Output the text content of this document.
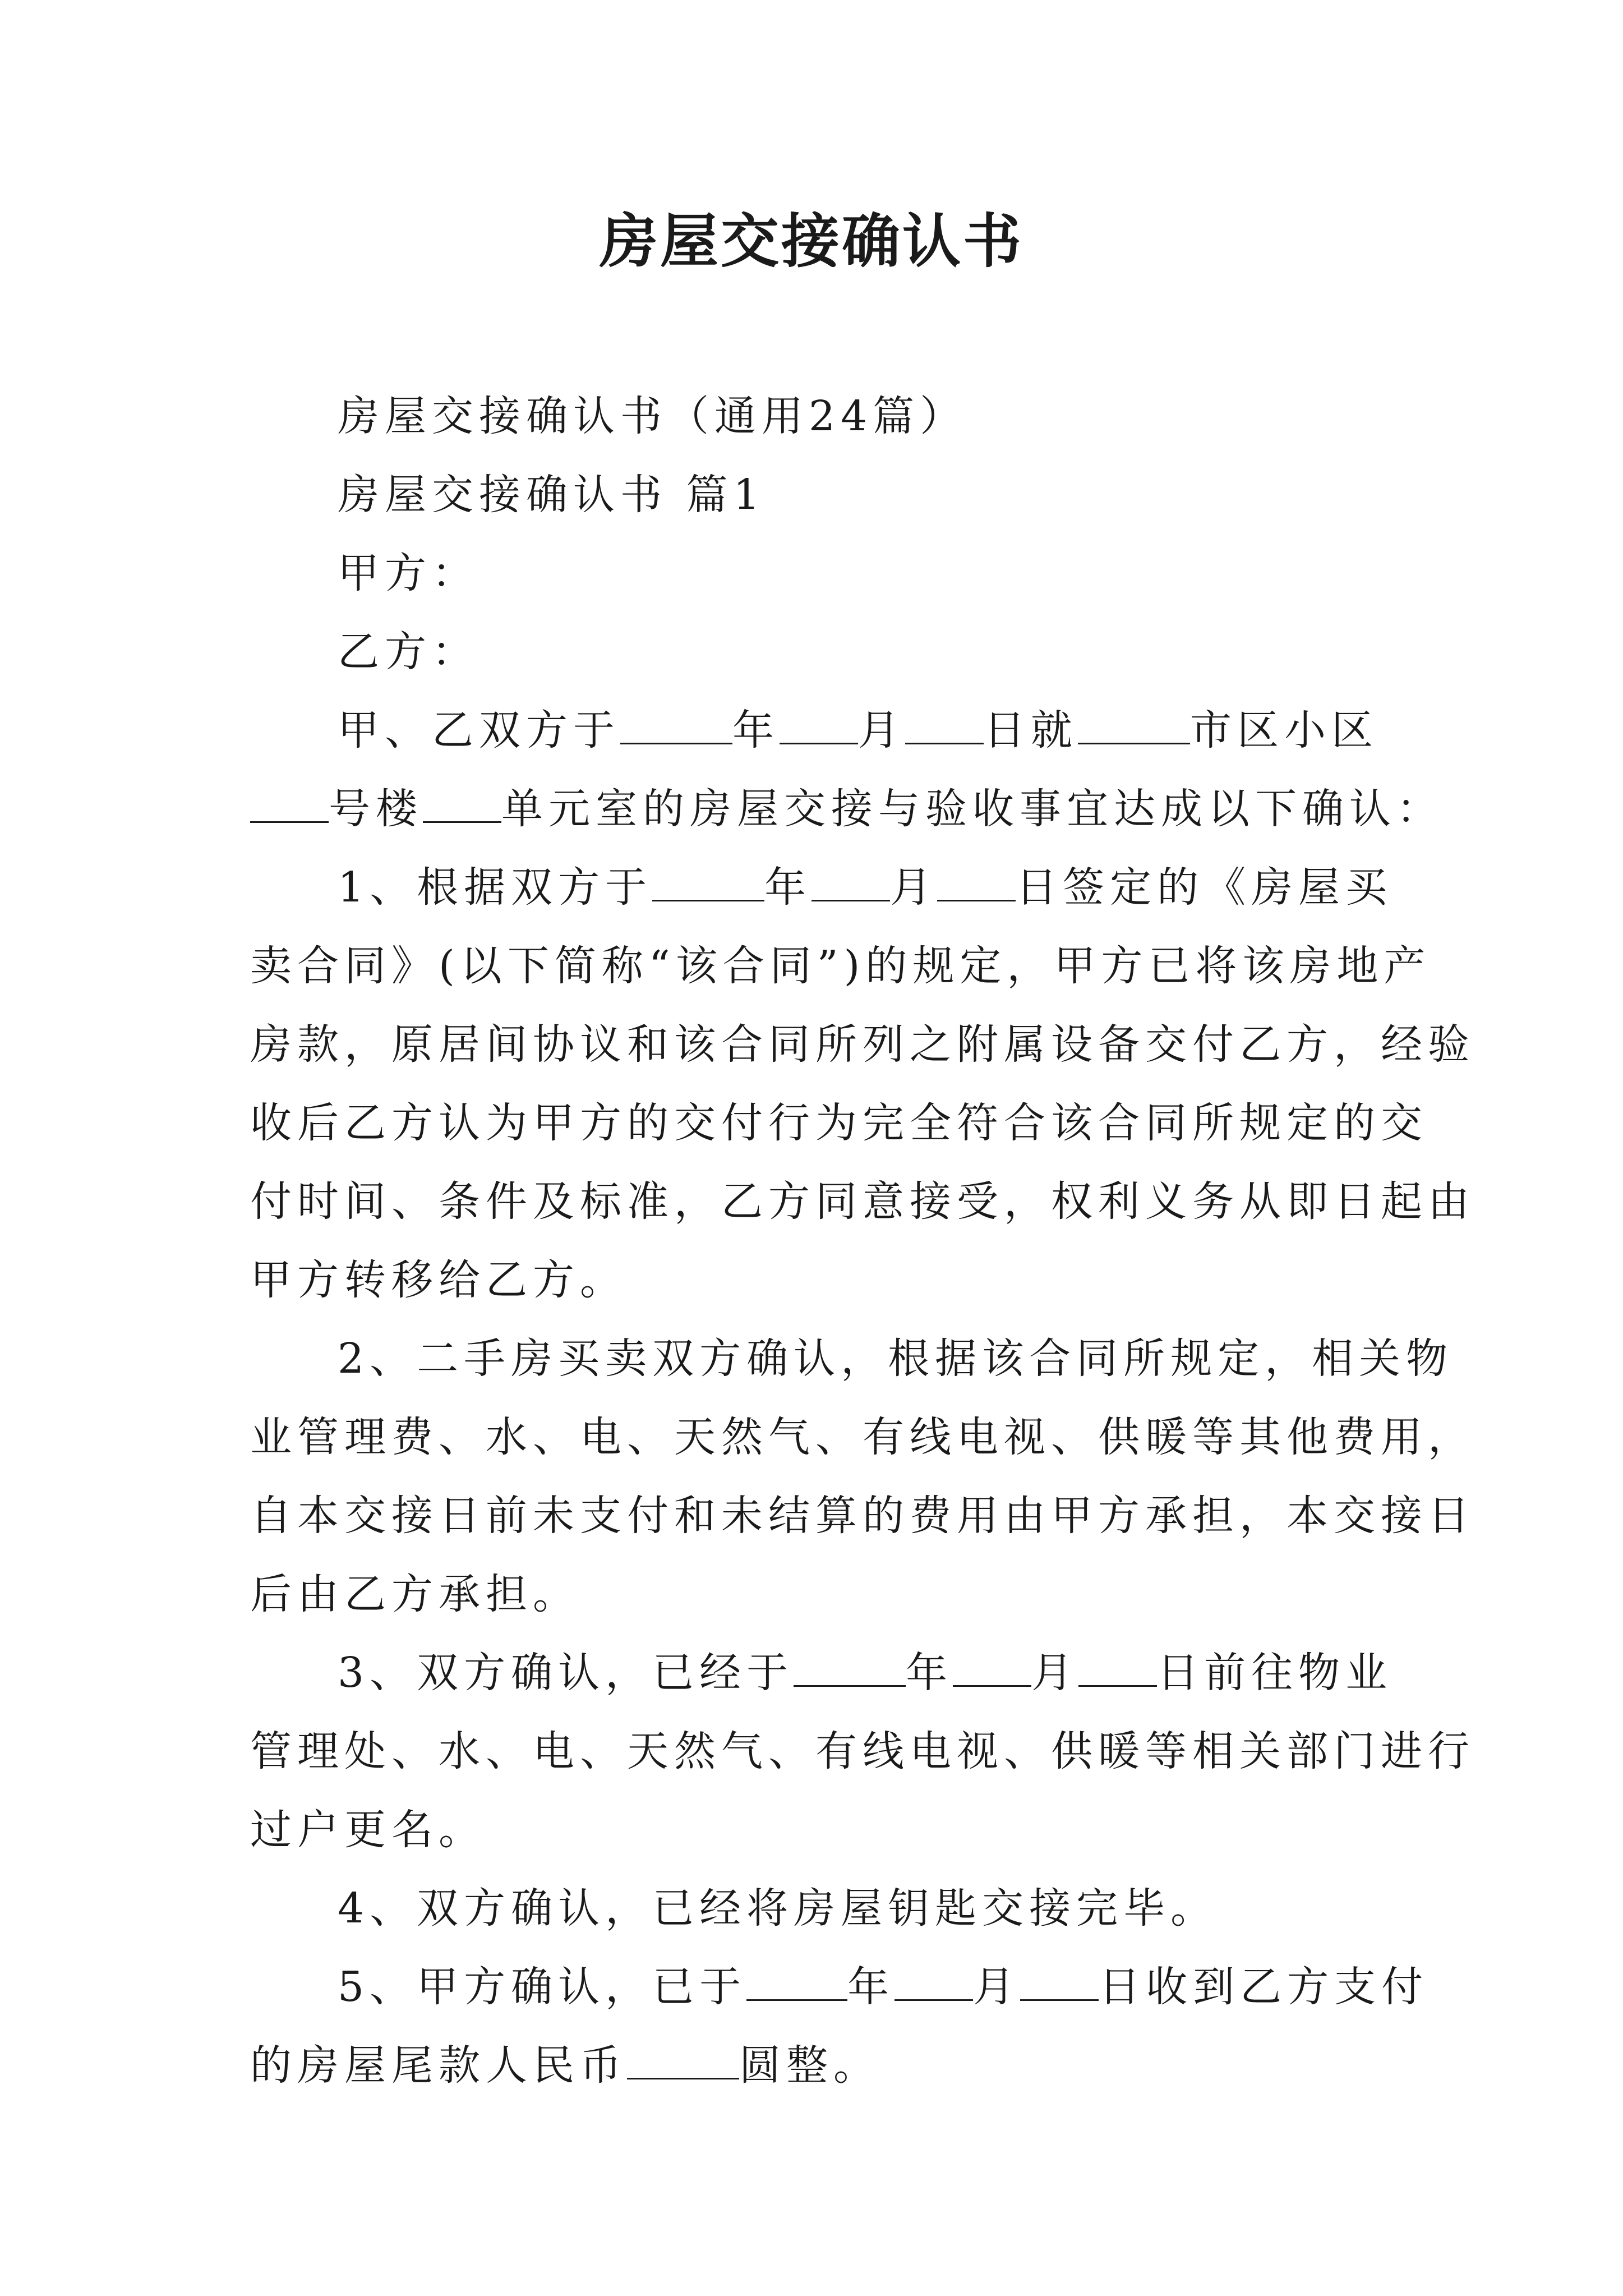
房屋交接确认书
房屋交接确认书（通用24篇）
房屋交接确认书 篇1
甲方：
乙方：
甲、乙双方于	年 月 日就	市区小区
号楼 单元室的房屋交接与验收事宜达成以下确认：
1、根据双方于	年 月 日签定的《房屋买
卖合同》(以下简称“该合同”)的规定，甲方已将该房地产
房款，原居间协议和该合同所列之附属设备交付乙方，经验
收后乙方认为甲方的交付行为完全符合该合同所规定的交
付时间、条件及标准，乙方同意接受，权利义务从即日起由
甲方转移给乙方。
2、二手房买卖双方确认，根据该合同所规定，相关物
业管理费、水、电、天然气、有线电视、供暖等其他费用，
自本交接日前未支付和未结算的费用由甲方承担，本交接日
后由乙方承担。
3、双方确认，已经于	年 月 日前往物业
管理处、水、电、天然气、有线电视、供暖等相关部门进行
过户更名。
4、双方确认，已经将房屋钥匙交接完毕。
5、甲方确认，已于 年 月 日收到乙方支付
的房屋尾款人民币	圆整。
